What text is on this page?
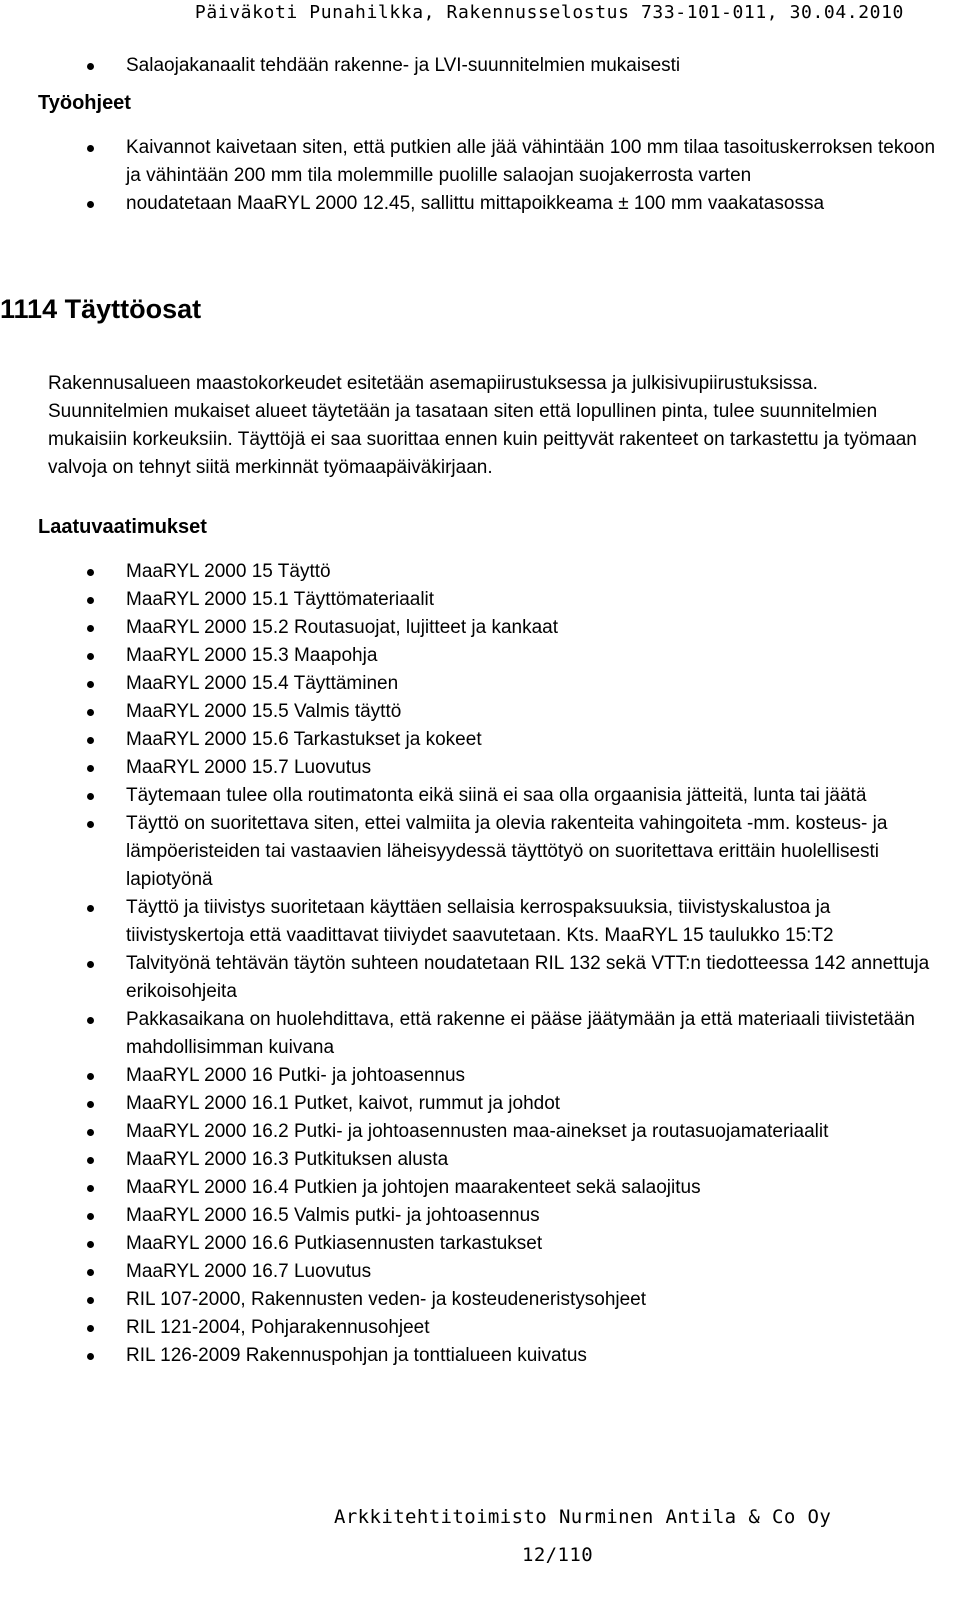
Päiväkoti Punahilkka, Rakennusselostus 733-101-011, 30.04.2010
Salaojakanaalit tehdään rakenne- ja LVI-suunnitelmien mukaisesti
Työohjeet
Kaivannot kaivetaan siten, että putkien alle jää vähintään 100 mm tilaa tasoituskerroksen tekoon ja vähintään 200 mm tila molemmille puolille salaojan suojakerrosta varten
noudatetaan MaaRYL 2000 12.45, sallittu mittapoikkeama ± 100 mm vaakatasossa
1114 Täyttöosat

Rakennusalueen maastokorkeudet esitetään asemapiirustuksessa ja julkisivupiirustuksissa. Suunnitelmien mukaiset alueet täytetään ja tasataan siten että lopullinen pinta, tulee suunnitelmien mukaisiin korkeuksiin. Täyttöjä ei saa suorittaa ennen kuin peittyvät rakenteet on tarkastettu ja työmaan valvoja on tehnyt siitä merkinnät työmaapäiväkirjaan.

Laatuvaatimukset
MaaRYL 2000 15 Täyttö
MaaRYL 2000 15.1 Täyttömateriaalit
MaaRYL 2000 15.2 Routasuojat, lujitteet ja kankaat
MaaRYL 2000 15.3 Maapohja
MaaRYL 2000 15.4 Täyttäminen
MaaRYL 2000 15.5 Valmis täyttö
MaaRYL 2000 15.6 Tarkastukset ja kokeet
MaaRYL 2000 15.7 Luovutus
Täytemaan tulee olla routimatonta eikä siinä ei saa olla orgaanisia jätteitä, lunta tai jäätä
Täyttö on suoritettava siten, ettei valmiita ja olevia rakenteita vahingoiteta -mm. kosteus- ja lämpöeristeiden tai vastaavien läheisyydessä täyttötyö on suoritettava erittäin huolellisesti lapiotyönä
Täyttö ja tiivistys suoritetaan käyttäen sellaisia kerrospaksuuksia, tiivistyskalustoa ja tiivistyskertoja että vaadittavat tiiviydet saavutetaan. Kts. MaaRYL 15 taulukko 15:T2
Talvityönä tehtävän täytön suhteen noudatetaan RIL 132 sekä VTT:n tiedotteessa 142 annettuja erikoisohjeita
Pakkasaikana on huolehdittava, että rakenne ei pääse jäätymään ja että materiaali tiivistetään mahdollisimman kuivana
MaaRYL 2000 16 Putki- ja johtoasennus
MaaRYL 2000 16.1 Putket, kaivot, rummut ja johdot
MaaRYL 2000 16.2 Putki- ja johtoasennusten maa-ainekset ja routasuojamateriaalit
MaaRYL 2000 16.3 Putkituksen alusta
MaaRYL 2000 16.4 Putkien ja johtojen maarakenteet sekä salaojitus
MaaRYL 2000 16.5 Valmis putki- ja johtoasennus
MaaRYL 2000 16.6 Putkiasennusten tarkastukset
MaaRYL 2000 16.7 Luovutus
RIL 107-2000, Rakennusten veden- ja kosteudeneristysohjeet
RIL 121-2004, Pohjarakennusohjeet
RIL 126-2009 Rakennuspohjan ja tonttialueen kuivatus
Arkkitehtitoimisto Nurminen Antila & Co Oy
12/110
